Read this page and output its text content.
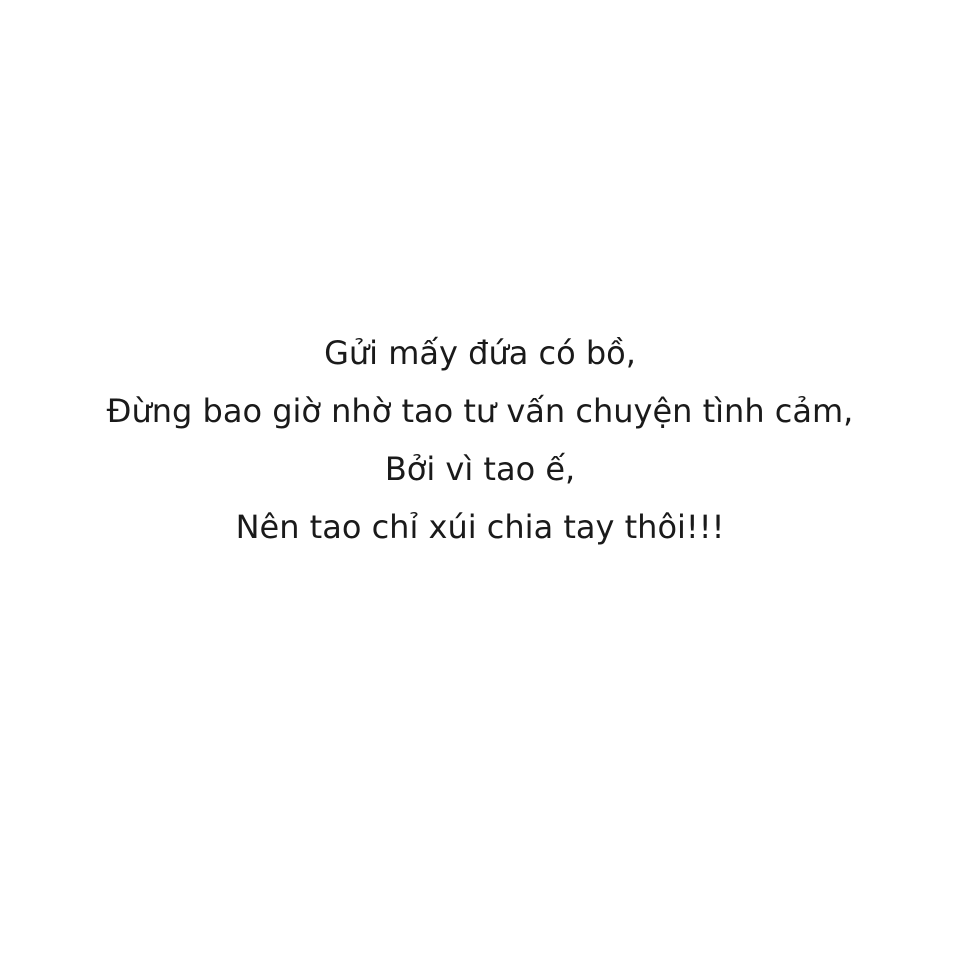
Gửi mấy đứa có bồ,
Đừng bao giờ nhờ tao tư vấn chuyện tình cảm,
Bởi vì tao ế,
Nên tao chỉ xúi chia tay thôi!!!
